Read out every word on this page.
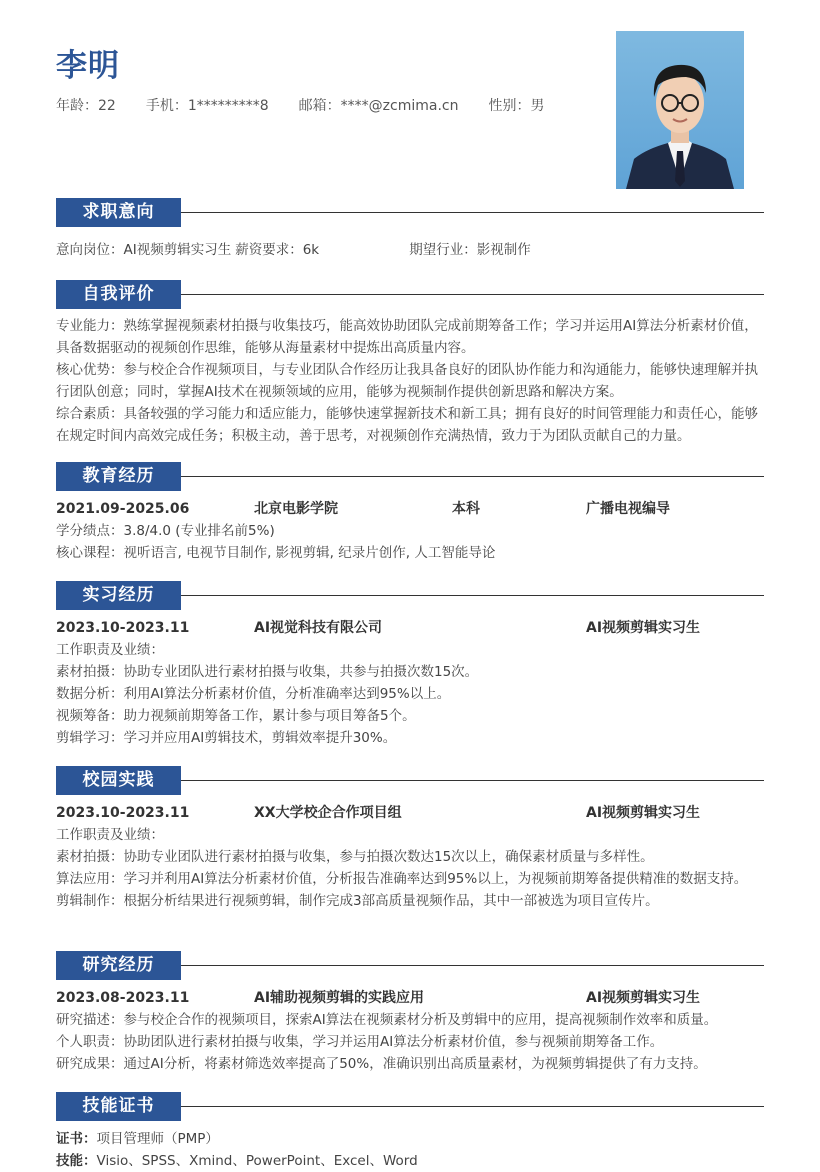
李明
年龄：22 手机：1*********8 邮箱：****@zcmima.cn 性别：男
求职意向
意向岗位：AI视频剪辑实习生 薪资要求：6k	期望行业：影视制作
自我评价

专业能力：熟练掌握视频素材拍摄与收集技巧，能高效协助团队完成前期筹备工作；学习并运用AI算法分析素材价值，具备数据驱动的视频创作思维，能够从海量素材中提炼出高质量内容。

核心优势：参与校企合作视频项目，与专业团队合作经历让我具备良好的团队协作能力和沟通能力，能够快速理解并执行团队创意；同时，掌握AI技术在视频领域的应用，能够为视频制作提供创新思路和解决方案。

综合素质：具备较强的学习能力和适应能力，能够快速掌握新技术和新工具；拥有良好的时间管理能力和责任心，能够在规定时间内高效完成任务；积极主动，善于思考，对视频创作充满热情，致力于为团队贡献自己的力量。

教育经历
2021.09-2025.06	北京电影学院	本科	广播电视编导

学分绩点：3.8/4.0 (专业排名前5%)

核心课程：视听语言, 电视节目制作, 影视剪辑, 纪录片创作, 人工智能导论

实习经历
2023.10-2023.11	AI视觉科技有限公司	AI视频剪辑实习生

工作职责及业绩：

素材拍摄：协助专业团队进行素材拍摄与收集，共参与拍摄次数15次。

数据分析：利用AI算法分析素材价值，分析准确率达到95%以上。

视频筹备：助力视频前期筹备工作，累计参与项目筹备5个。

剪辑学习：学习并应用AI剪辑技术，剪辑效率提升30%。

校园实践
2023.10-2023.11	XX大学校企合作项目组	AI视频剪辑实习生

工作职责及业绩：

素材拍摄：协助专业团队进行素材拍摄与收集，参与拍摄次数达15次以上，确保素材质量与多样性。

算法应用：学习并利用AI算法分析素材价值，分析报告准确率达到95%以上，为视频前期筹备提供精准的数据支持。

剪辑制作：根据分析结果进行视频剪辑，制作完成3部高质量视频作品，其中一部被选为项目宣传片。

研究经历
2023.08-2023.11	AI辅助视频剪辑的实践应用	AI视频剪辑实习生

研究描述：参与校企合作的视频项目，探索AI算法在视频素材分析及剪辑中的应用，提高视频制作效率和质量。

个人职责：协助团队进行素材拍摄与收集，学习并运用AI算法分析素材价值，参与视频前期筹备工作。

研究成果：通过AI分析，将素材筛选效率提高了50%，准确识别出高质量素材，为视频剪辑提供了有力支持。

技能证书

证书：项目管理师（PMP）

技能：Visio、SPSS、Xmind、PowerPoint、Excel、Word
